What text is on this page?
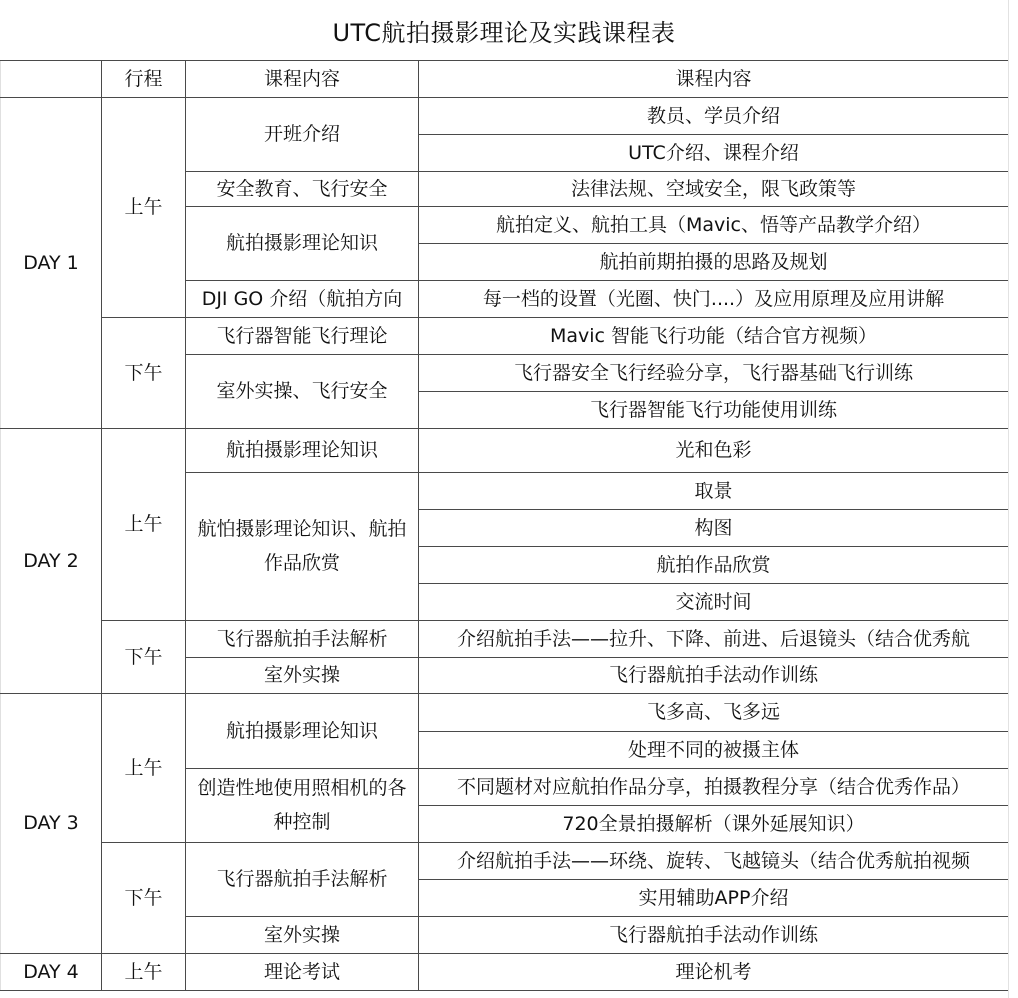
UTC航拍摄影理论及实践课程表
	行程	课程内容	课程内容
DAY 1	上午	开班介绍	教员、学员介绍
			UTC介绍、课程介绍
		安全教育、飞行安全	法律法规、空域安全，限飞政策等
		航拍摄影理论知识	航拍定义、航拍工具（Mavic、悟等产品教学介绍）
			航拍前期拍摄的思路及规划
		DJI GO 介绍（航拍方向	每一档的设置（光圈、快门....）及应用原理及应用讲解
	下午	飞行器智能飞行理论	Mavic 智能飞行功能（结合官方视频）
		室外实操、飞行安全	飞行器安全飞行经验分享，飞行器基础飞行训练
			飞行器智能飞行功能使用训练
DAY 2	上午	航拍摄影理论知识	光和色彩
		航怕摄影理论知识、航拍作品欣赏	取景
			构图
			航拍作品欣赏
			交流时间
	下午	飞行器航拍手法解析	介绍航拍手法——拉升、下降、前进、后退镜头（结合优秀航
		室外实操	飞行器航拍手法动作训练
DAY 3	上午	航拍摄影理论知识	飞多高、飞多远
			处理不同的被摄主体
		创造性地使用照相机的各种控制	不同题材对应航拍作品分享，拍摄教程分享（结合优秀作品）
			720全景拍摄解析（课外延展知识）
	下午	飞行器航拍手法解析	介绍航拍手法——环绕、旋转、飞越镜头（结合优秀航拍视频
			实用辅助APP介绍
		室外实操	飞行器航拍手法动作训练
DAY 4	上午	理论考试	理论机考
